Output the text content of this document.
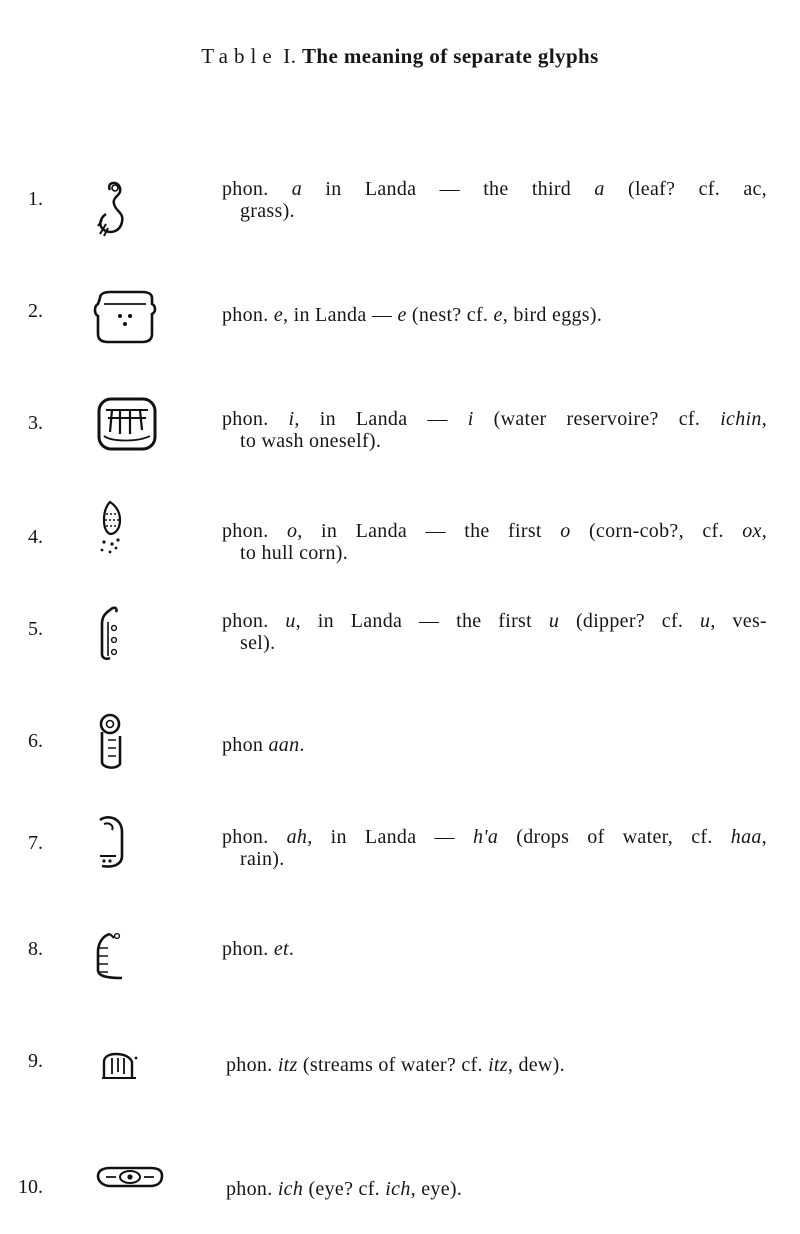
Table I. The meaning of separate glyphs
1.	phon. a in Landa — the third a (leaf? cf. ac,
grass).
2.	phon. e, in Landa — e (nest? cf. e, bird eggs).
3.	phon. i, in Landa — i (water reservoire? cf. ichin,
to wash oneself).
4.	phon. o, in Landa — the first o (corn-cob?, cf. ox,
to hull corn).
5.	phon. u, in Landa — the first u (dipper? cf. u, ves-
sel).
6.	phon aan.
7.	phon. ah, in Landa — h'a (drops of water, cf. haa,
rain).
8.	phon. et.
9.	phon. itz (streams of water? cf. itz, dew).
10.	phon. ich (eye? cf. ich, eye).
